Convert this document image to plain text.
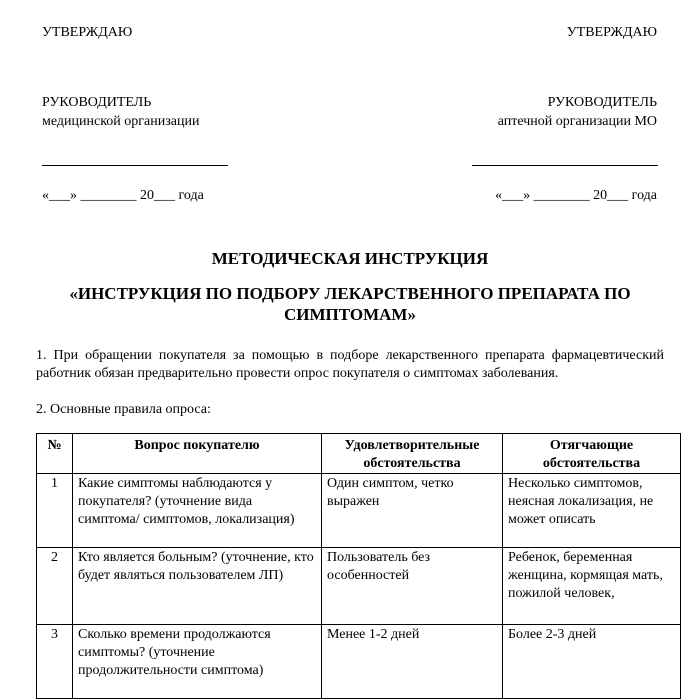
УТВЕРЖДАЮ
РУКОВОДИТЕЛЬ
медицинской организации
«___» ________ 20___ года
УТВЕРЖДАЮ
РУКОВОДИТЕЛЬ
аптечной организации МО
«___» ________ 20___ года
МЕТОДИЧЕСКАЯ ИНСТРУКЦИЯ
«ИНСТРУКЦИЯ ПО ПОДБОРУ ЛЕКАРСТВЕННОГО ПРЕПАРАТА ПО
СИМПТОМАМ»
1. При обращении покупателя за помощью в подборе лекарственного препарата фармацевтический работник обязан предварительно провести опрос покупателя о симптомах заболевания.
2. Основные правила опроса:
№	Вопрос покупателю	Удовлетворительные обстоятельства	Отягчающие обстоятельства
1	Какие симптомы наблюдаются у покупателя? (уточнение вида симптома/ симптомов, локализация)	Один симптом, четко выражен	Несколько симптомов, неясная локализация, не может описать
2	Кто является больным? (уточнение, кто будет являться пользователем ЛП)	Пользователь без особенностей	Ребенок, беременная женщина, кормящая мать, пожилой человек,
3	Сколько времени продолжаются симптомы? (уточнение продолжительности симптома)	Менее 1-2 дней	Более 2-3 дней
